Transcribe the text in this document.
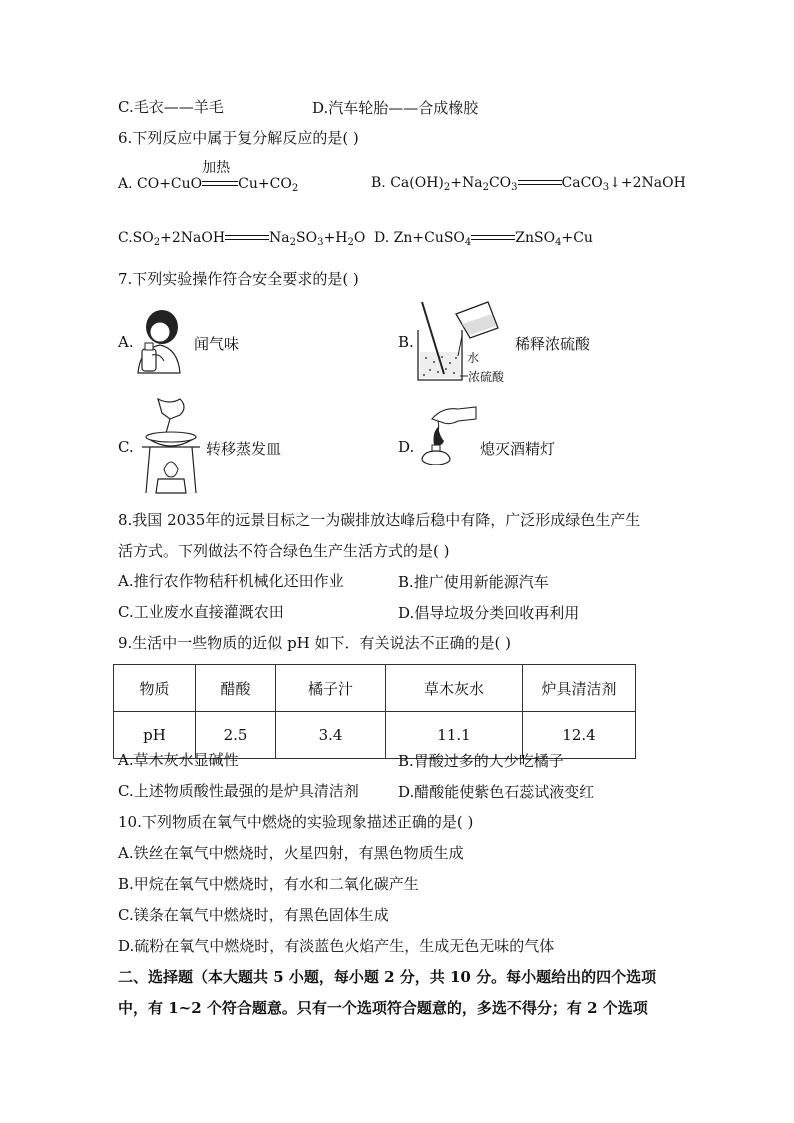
C.毛衣——羊毛	D.汽车轮胎——合成橡胶
6.下列反应中属于复分解反应的是( )
A. CO+CuO
加热
$Cu+CO_2$	B. $Ca(OH)_2+Na_2CO_3$	CaCO$_3$↓+2NaOH
$C.SO_2+2NaOH$	$Na_2SO_3+H_2O$ D. Zn+CuSO$_4$	ZnSO$_4$+Cu
7.下列实验操作符合安全要求的是( )
A.	闻气味	B.
水
浓硫酸
稀释浓硫酸
C.	转移蒸发皿	D.	熄灭酒精灯
8.我国 2035年的远景目标之一为碳排放达峰后稳中有降，广泛形成绿色生产生
活方式。下列做法不符合绿色生产生活方式的是( )
A.推行农作物秸秆机械化还田作业	B.推广使用新能源汽车
C.工业废水直接灌溉农田	D.倡导垃圾分类回收再利用
9.生活中一些物质的近似 pH 如下．有关说法不正确的是( )
物质	醋酸	橘子汁	草木灰水	炉具清洁剂
pH	2.5	3.4	11.1	12.4
A.草木灰水显碱性	B.胃酸过多的人少吃橘子
C.上述物质酸性最强的是炉具清洁剂	D.醋酸能使紫色石蕊试液变红
10.下列物质在氧气中燃烧的实验现象描述正确的是( )
A.铁丝在氧气中燃烧时，火星四射，有黑色物质生成
B.甲烷在氧气中燃烧时，有水和二氧化碳产生
C.镁条在氧气中燃烧时，有黑色固体生成
D.硫粉在氧气中燃烧时，有淡蓝色火焰产生，生成无色无味的气体
二、选择题（本大题共 5 小题，每小题 2 分，共 10 分。每小题给出的四个选项
中，有 1~2 个符合题意。只有一个选项符合题意的，多选不得分；有 2 个选项
